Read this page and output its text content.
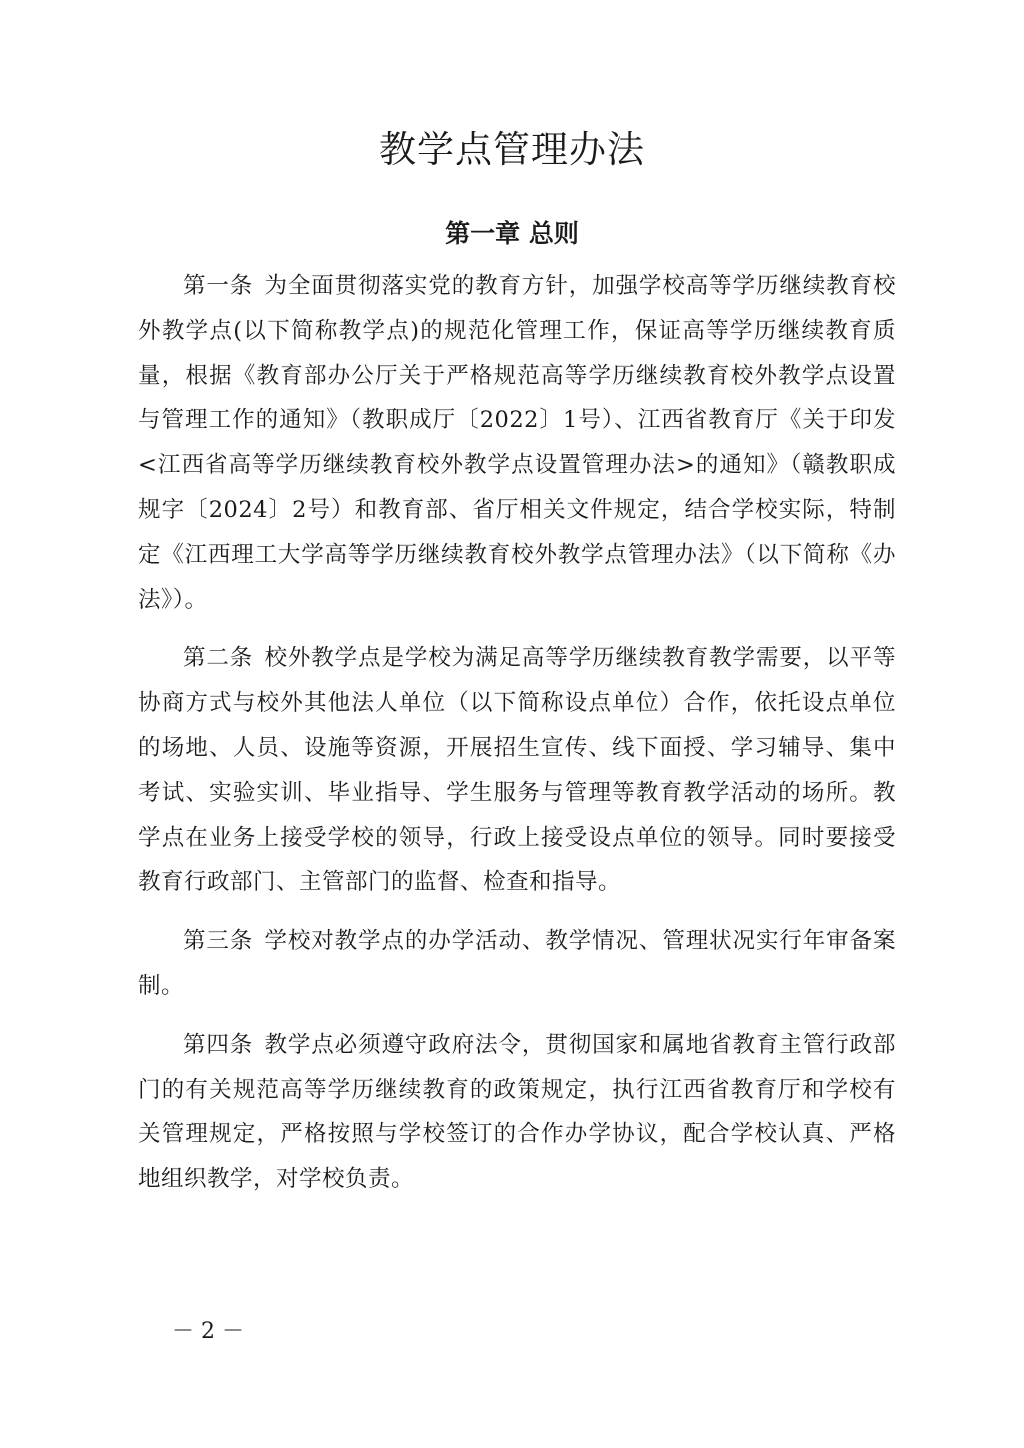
教学点管理办法
第一章 总则

第一条 为全面贯彻落实党的教育方针，加强学校高等学历继续教育校外教学点(以下简称教学点)的规范化管理工作，保证高等学历继续教育质量，根据《教育部办公厅关于严格规范高等学历继续教育校外教学点设置与管理工作的通知》（教职成厅〔2022〕1号）、江西省教育厅《关于印发<江西省高等学历继续教育校外教学点设置管理办法>的通知》（赣教职成规字〔2024〕2号）和教育部、省厅相关文件规定，结合学校实际，特制定《江西理工大学高等学历继续教育校外教学点管理办法》（以下简称《办法》）。

第二条 校外教学点是学校为满足高等学历继续教育教学需要，以平等协商方式与校外其他法人单位（以下简称设点单位）合作，依托设点单位的场地、人员、设施等资源，开展招生宣传、线下面授、学习辅导、集中考试、实验实训、毕业指导、学生服务与管理等教育教学活动的场所。教学点在业务上接受学校的领导，行政上接受设点单位的领导。同时要接受教育行政部门、主管部门的监督、检查和指导。

第三条 学校对教学点的办学活动、教学情况、管理状况实行年审备案制。

第四条 教学点必须遵守政府法令，贯彻国家和属地省教育主管行政部门的有关规范高等学历继续教育的政策规定，执行江西省教育厅和学校有关管理规定，严格按照与学校签订的合作办学协议，配合学校认真、严格地组织教学，对学校负责。

－ 2 －
